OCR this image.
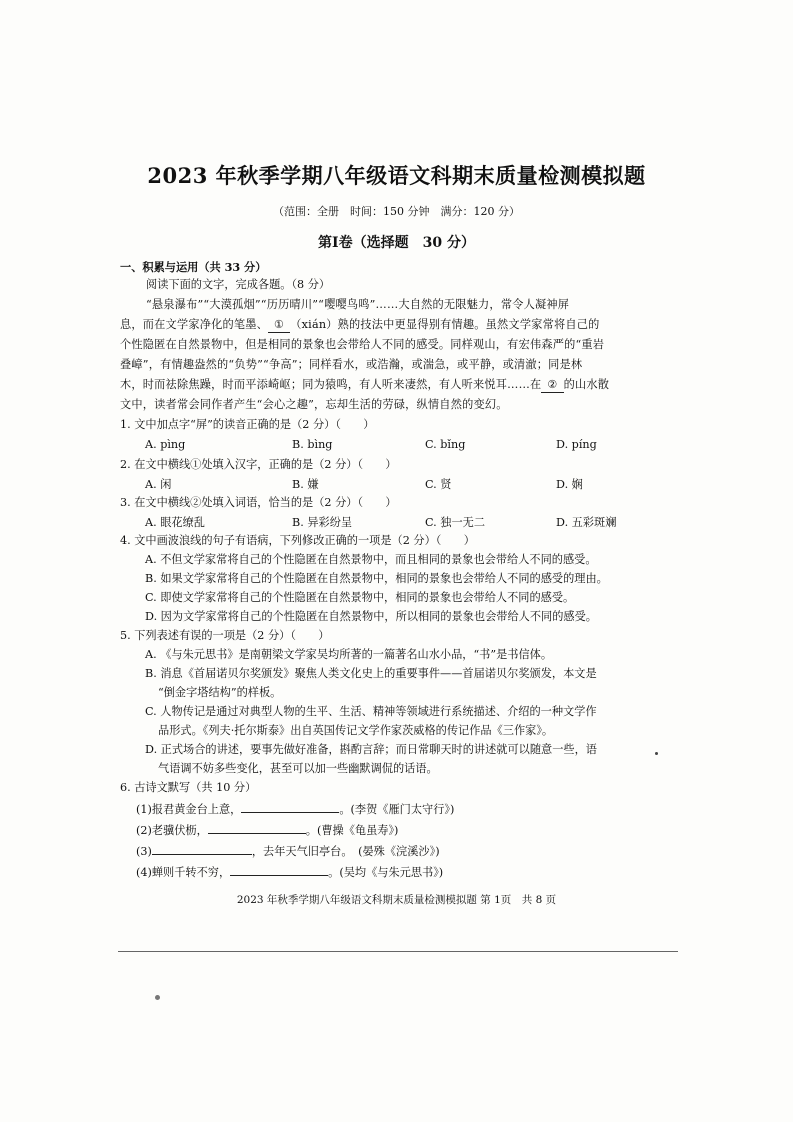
2023 年秋季学期八年级语文科期末质量检测模拟题
（范围：全册　时间：150 分钟　满分：120 分）
第Ⅰ卷（选择题　30 分）
一、积累与运用（共 33 分）
阅读下面的文字，完成各题。（8 分）
“悬泉瀑布”“大漠孤烟”“历历晴川”“嘤嘤鸟鸣”……大自然的无限魅力，常令人凝神屏
息，而在文学家净化的笔墨、 ① （xián）熟的技法中更显得别有情趣。虽然文学家常将自己的
个性隐匿在自然景物中，但是相同的景象也会带给人不同的感受。同样观山，有宏伟森严的“重岩
叠嶂”，有情趣盎然的“负势”“争高”；同样看水，或浩瀚，或湍急，或平静，或清澈；同是林
木，时而祛除焦躁，时而平添崎岖；同为猿鸣，有人听来凄然，有人听来悦耳……在 ② 的山水散
文中，读者常会同作者产生“会心之趣”，忘却生活的劳碌，纵情自然的变幻。
1. 文中加点字“屏”的读音正确的是（2 分）（　　）
A. pìng	B. bìng	C. bǐng	D. píng
2. 在文中横线①处填入汉字，正确的是（2 分）（　　）
A. 闲	B. 嫌	C. 贤	D. 娴
3. 在文中横线②处填入词语，恰当的是（2 分）（　　）
A. 眼花缭乱	B. 异彩纷呈	C. 独一无二	D. 五彩斑斓
4. 文中画波浪线的句子有语病，下列修改正确的一项是（2 分）（　　）
A. 不但文学家常将自己的个性隐匿在自然景物中，而且相同的景象也会带给人不同的感受。
B. 如果文学家常将自己的个性隐匿在自然景物中，相同的景象也会带给人不同的感受的理由。
C. 即使文学家常将自己的个性隐匿在自然景物中，相同的景象也会带给人不同的感受。
D. 因为文学家常将自己的个性隐匿在自然景物中，所以相同的景象也会带给人不同的感受。
5. 下列表述有误的一项是（2 分）（　　）
A. 《与朱元思书》是南朝梁文学家吴均所著的一篇著名山水小品，“书”是书信体。
B. 消息《首届诺贝尔奖颁发》聚焦人类文化史上的重要事件——首届诺贝尔奖颁发，本文是
“倒金字塔结构”的样板。
C. 人物传记是通过对典型人物的生平、生活、精神等领域进行系统描述、介绍的一种文学作
品形式。《列夫·托尔斯泰》出自英国传记文学作家茨威格的传记作品《三作家》。
D. 正式场合的讲述，要事先做好准备，斟酌言辞；而日常聊天时的讲述就可以随意一些，语
气语调不妨多些变化，甚至可以加一些幽默调侃的话语。
6. 古诗文默写（共 10 分）
(1)报君黄金台上意，	。(李贺《雁门太守行》)
(2)老骥伏枥，	。(曹操《龟虽寿》)
(3)	，去年天气旧亭台。　(晏殊《浣溪沙》)
(4)蝉则千转不穷，	。(吴均《与朱元思书》)
2023 年秋季学期八年级语文科期末质量检测模拟题 第 1页　共 8 页
